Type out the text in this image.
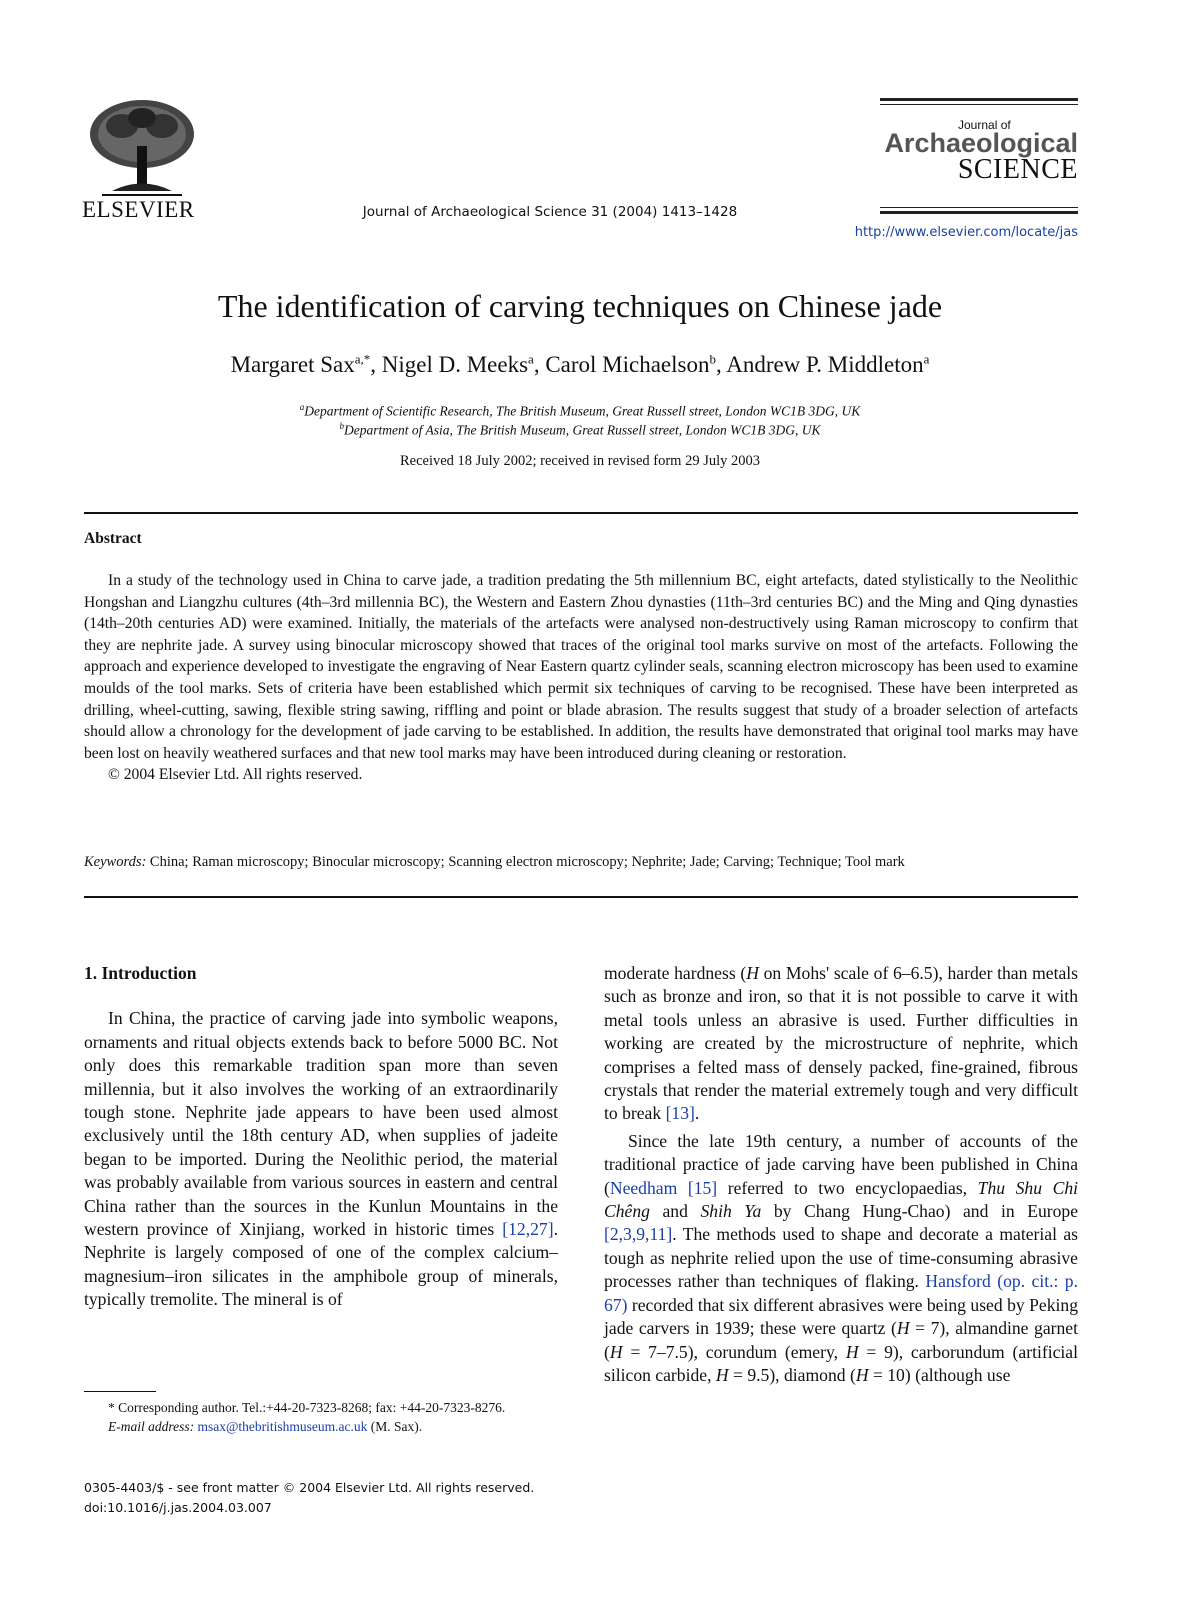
ELSEVIER	Journal of Archaeological Science 31 (2004) 1413–1428
Journal of
Archaeological
SCIENCE
http://www.elsevier.com/locate/jas
The identification of carving techniques on Chinese jade
Margaret Sax$^{a,*}$, Nigel D. Meeks$^a$, Carol Michaelson$^b$, Andrew P. Middleton$^a$
$^a$Department of Scientific Research, The British Museum, Great Russell street, London WC1B 3DG, UK
$^b$Department of Asia, The British Museum, Great Russell street, London WC1B 3DG, UK
Received 18 July 2002; received in revised form 29 July 2003
Abstract

In a study of the technology used in China to carve jade, a tradition predating the 5th millennium BC, eight artefacts, dated stylistically to the Neolithic Hongshan and Liangzhu cultures (4th–3rd millennia BC), the Western and Eastern Zhou dynasties (11th–3rd centuries BC) and the Ming and Qing dynasties (14th–20th centuries AD) were examined. Initially, the materials of the artefacts were analysed non-destructively using Raman microscopy to confirm that they are nephrite jade. A survey using binocular microscopy showed that traces of the original tool marks survive on most of the artefacts. Following the approach and experience developed to investigate the engraving of Near Eastern quartz cylinder seals, scanning electron microscopy has been used to examine moulds of the tool marks. Sets of criteria have been established which permit six techniques of carving to be recognised. These have been interpreted as drilling, wheel-cutting, sawing, flexible string sawing, riffling and point or blade abrasion. The results suggest that study of a broader selection of artefacts should allow a chronology for the development of jade carving to be established. In addition, the results have demonstrated that original tool marks may have been lost on heavily weathered surfaces and that new tool marks may have been introduced during cleaning or restoration.

© 2004 Elsevier Ltd. All rights reserved.

Keywords: China; Raman microscopy; Binocular microscopy; Scanning electron microscopy; Nephrite; Jade; Carving; Technique; Tool mark

1. Introduction

In China, the practice of carving jade into symbolic weapons, ornaments and ritual objects extends back to before 5000 BC. Not only does this remarkable tradition span more than seven millennia, but it also involves the working of an extraordinarily tough stone. Nephrite jade appears to have been used almost exclusively until the 18th century AD, when supplies of jadeite began to be imported. During the Neolithic period, the material was probably available from various sources in eastern and central China rather than the sources in the Kunlun Mountains in the western province of Xinjiang, worked in historic times [12,27]. Nephrite is largely composed of one of the complex calcium–magnesium–iron silicates in the amphibole group of minerals, typically tremolite. The mineral is of

moderate hardness (H on Mohs' scale of 6–6.5), harder than metals such as bronze and iron, so that it is not possible to carve it with metal tools unless an abrasive is used. Further difficulties in working are created by the microstructure of nephrite, which comprises a felted mass of densely packed, fine-grained, fibrous crystals that render the material extremely tough and very difficult to break [13].

Since the late 19th century, a number of accounts of the traditional practice of jade carving have been published in China (Needham [15] referred to two encyclopaedias, Thu Shu Chi Chêng and Shih Ya by Chang Hung-Chao) and in Europe [2,3,9,11]. The methods used to shape and decorate a material as tough as nephrite relied upon the use of time-consuming abrasive processes rather than techniques of flaking. Hansford (op. cit.: p. 67) recorded that six different abrasives were being used by Peking jade carvers in 1939; these were quartz (H = 7), almandine garnet (H = 7–7.5), corundum (emery, H = 9), carborundum (artificial silicon carbide, H = 9.5), diamond (H = 10) (although use

* Corresponding author. Tel.:+44-20-7323-8268; fax: +44-20-7323-8276.

E-mail address: msax@thebritishmuseum.ac.uk (M. Sax).

0305-4403/$ - see front matter © 2004 Elsevier Ltd. All rights reserved.

doi:10.1016/j.jas.2004.03.007
